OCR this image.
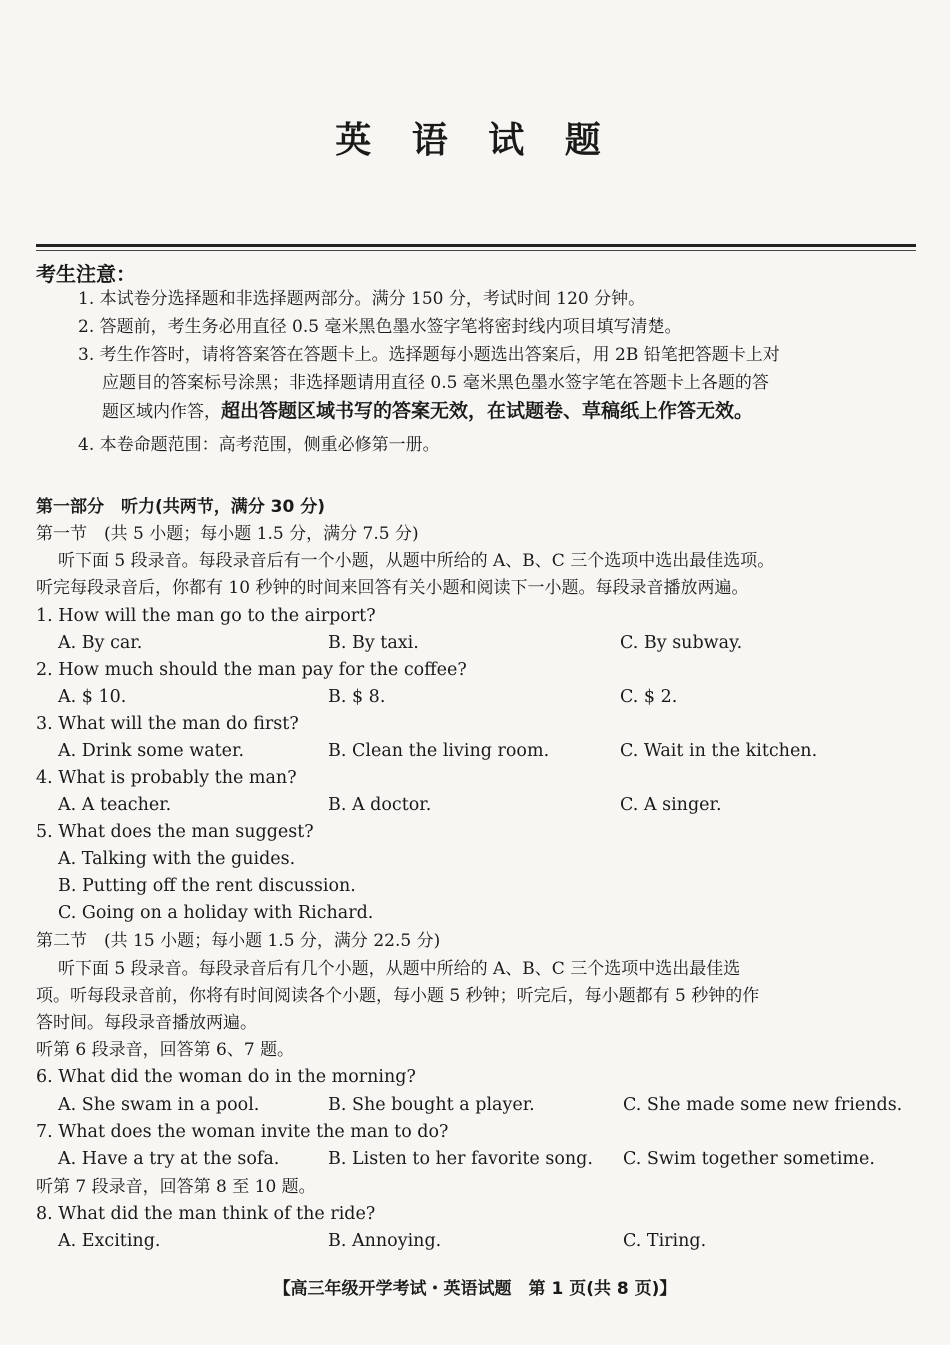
英 语 试 题
考生注意：
1. 本试卷分选择题和非选择题两部分。满分 150 分，考试时间 120 分钟。
2. 答题前，考生务必用直径 0.5 毫米黑色墨水签字笔将密封线内项目填写清楚。
3. 考生作答时，请将答案答在答题卡上。选择题每小题选出答案后，用 2B 铅笔把答题卡上对
应题目的答案标号涂黑；非选择题请用直径 0.5 毫米黑色墨水签字笔在答题卡上各题的答
题区域内作答，超出答题区域书写的答案无效，在试题卷、草稿纸上作答无效。
4. 本卷命题范围：高考范围，侧重必修第一册。
第一部分　听力(共两节，满分 30 分)
第一节　(共 5 小题；每小题 1.5 分，满分 7.5 分)
听下面 5 段录音。每段录音后有一个小题，从题中所给的 A、B、C 三个选项中选出最佳选项。
听完每段录音后，你都有 10 秒钟的时间来回答有关小题和阅读下一小题。每段录音播放两遍。
1. How will the man go to the airport?
A. By car.	B. By taxi.	C. By subway.
2. How much should the man pay for the coffee?
A. $ 10.	B. $ 8.	C. $ 2.
3. What will the man do first?
A. Drink some water.	B. Clean the living room.	C. Wait in the kitchen.
4. What is probably the man?
A. A teacher.	B. A doctor.	C. A singer.
5. What does the man suggest?
A. Talking with the guides.
B. Putting off the rent discussion.
C. Going on a holiday with Richard.
第二节　(共 15 小题；每小题 1.5 分，满分 22.5 分)
听下面 5 段录音。每段录音后有几个小题，从题中所给的 A、B、C 三个选项中选出最佳选
项。听每段录音前，你将有时间阅读各个小题，每小题 5 秒钟；听完后，每小题都有 5 秒钟的作
答时间。每段录音播放两遍。
听第 6 段录音，回答第 6、7 题。
6. What did the woman do in the morning?
A. She swam in a pool.	B. She bought a player.	C. She made some new friends.
7. What does the woman invite the man to do?
A. Have a try at the sofa.	B. Listen to her favorite song. C. Swim together sometime.
听第 7 段录音，回答第 8 至 10 题。
8. What did the man think of the ride?
A. Exciting.	B. Annoying.	C. Tiring.
【高三年级开学考试・英语试题　第 1 页(共 8 页)】
